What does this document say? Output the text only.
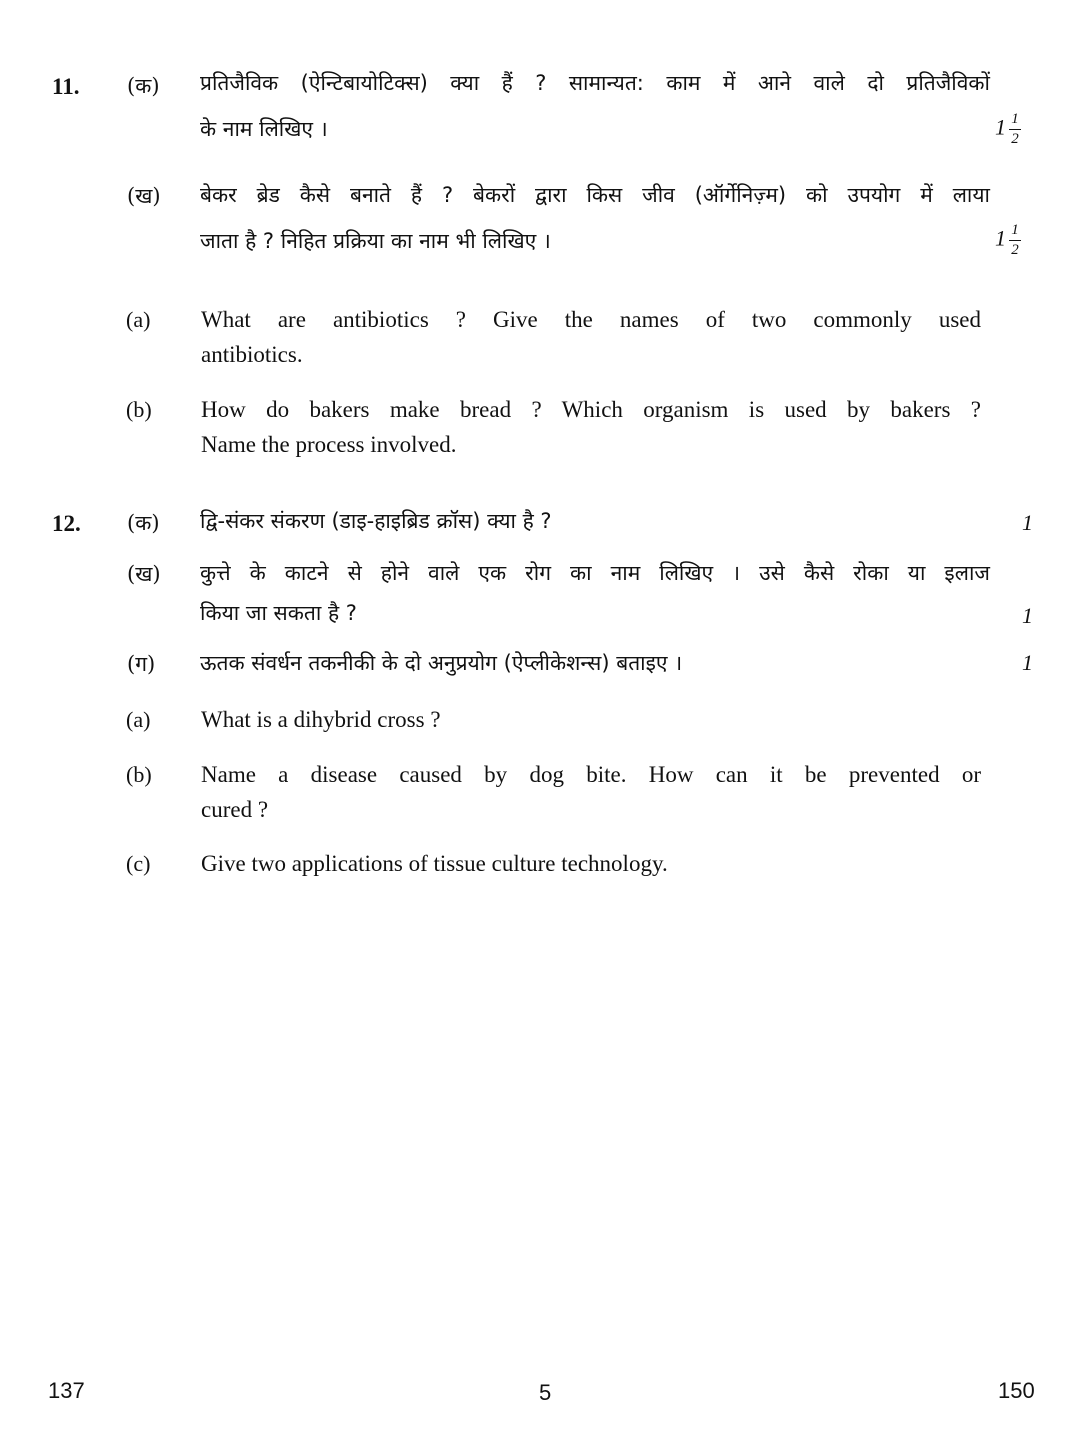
11. (क) प्रतिजैविक (ऐन्टिबायोटिक्स) क्या हैं ? सामान्यत: काम में आने वाले दो प्रतिजैविकों

के नाम लिखिए ।	$1 \frac{1}{2}$
(ख) बेकर ब्रेड कैसे बनाते हैं ? बेकरों द्वारा किस जीव (ऑर्गेनिज़्म) को उपयोग में लाया

जाता है ? निहित प्रक्रिया का नाम भी लिखिए ।	$1 \frac{1}{2}$
(a) What are antibiotics ? Give the names of two commonly used

antibiotics.

(b) How do bakers make bread ? Which organism is used by bakers ?

Name the process involved.

12. (क) द्वि-संकर संकरण (डाइ-हाइब्रिड क्रॉस) क्या है ?	1
(ख) कुत्ते के काटने से होने वाले एक रोग का नाम लिखिए । उसे कैसे रोका या इलाज

किया जा सकता है ?	1
(ग) ऊतक संवर्धन तकनीकी के दो अनुप्रयोग (ऐप्लीकेशन्स) बताइए ।	1
(a) What is a dihybrid cross ?

(b) Name a disease caused by dog bite. How can it be prevented or

cured ?

(c) Give two applications of tissue culture technology.

137	5	150
